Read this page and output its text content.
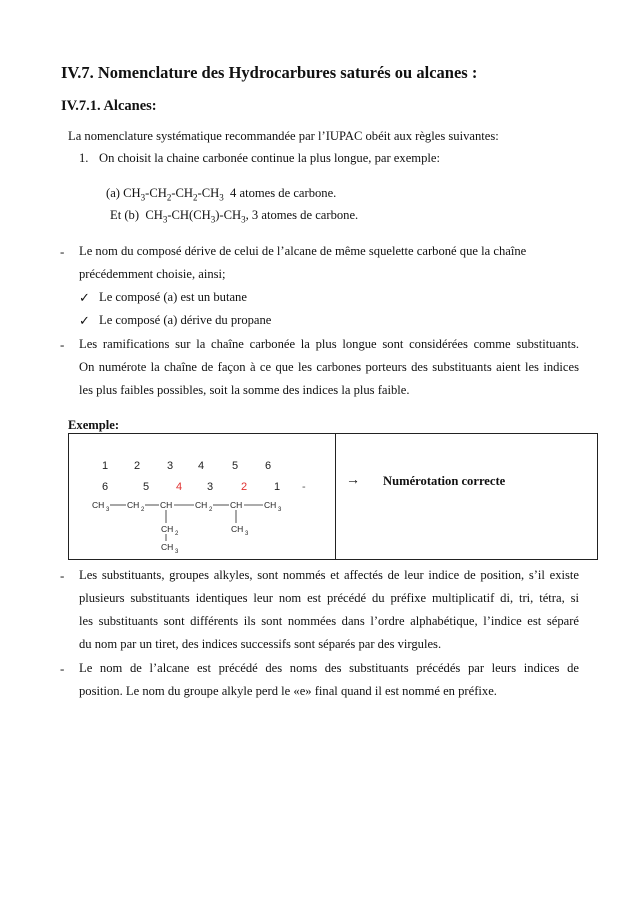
IV.7. Nomenclature des Hydrocarbures saturés ou alcanes :
IV.7.1. Alcanes:
La nomenclature systématique recommandée par l’IUPAC obéit aux règles suivantes:
1. On choisit la chaine carbonée continue la plus longue, par exemple:
(a) $CH_3-CH_2-CH_2-CH_3$  4 atomes de carbone.
Et (b)  $CH_3-CH(CH_3)-CH_3$, 3 atomes de carbone.
- Le nom du composé dérive de celui de l’alcane de même squelette carboné que la chaîne
précédemment choisie, ainsi;
✓ Le composé (a) est un butane
✓ Le composé (a) dérive du propane
- Les ramifications sur la chaîne carbonée la plus longue sont considérées comme substituants.
On numérote la chaîne de façon à ce que les carbones porteurs des substituants aient les indices
les plus faibles possibles, soit la somme des indices la plus faible.
Exemple:
1 2 3 4	5 6
6	5 4 3	2 1 -
CH 3 CH 2 CH	CH 2 CH	CH 3
CH 2
CH 3
CH 3
→ Numérotation correcte
- Les substituants, groupes alkyles, sont nommés et affectés de leur indice de position, s’il existe
plusieurs substituants identiques leur nom est précédé du préfixe multiplicatif di, tri, tétra, si
les substituants sont différents ils sont nommées dans l’ordre alphabétique, l’indice est séparé
du nom par un tiret, des indices successifs sont séparés par des virgules.
- Le nom de l’alcane est précédé des noms des substituants précédés par leurs indices de
position. Le nom du groupe alkyle perd le «e» final quand il est nommé en préfixe.
